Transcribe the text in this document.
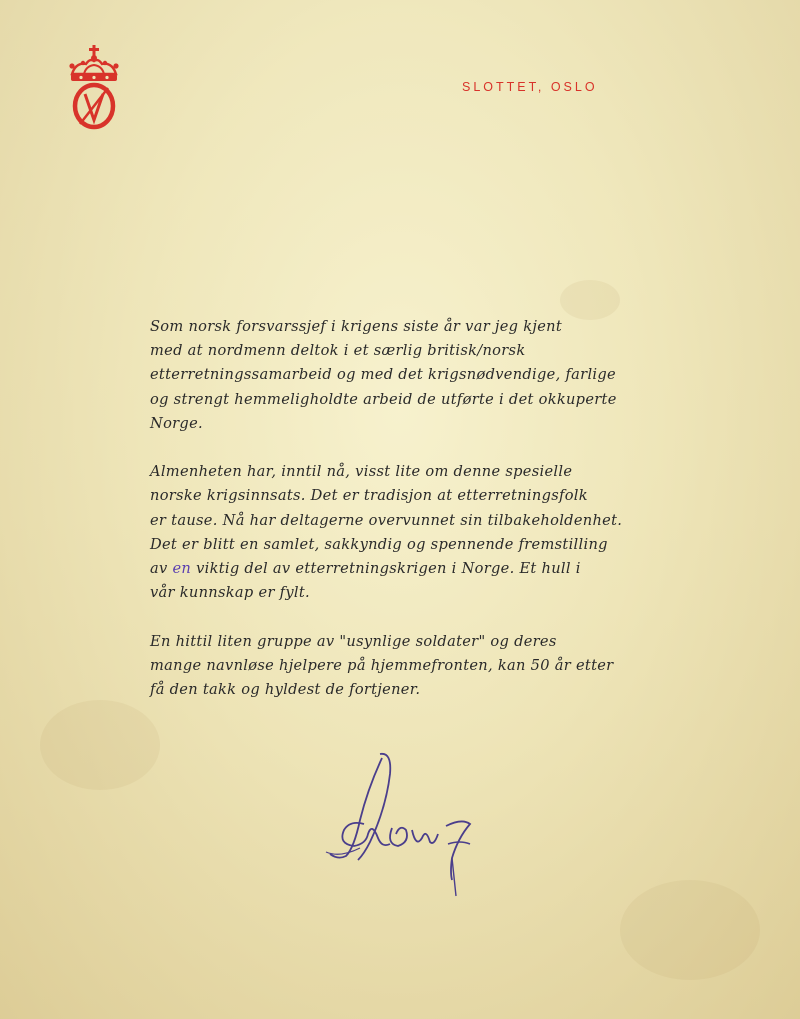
SLOTTET, OSLO
Som norsk forsvarssjef i krigens siste år var jeg kjent
med at nordmenn deltok i et særlig britisk/norsk
etterretningssamarbeid og med det krigsnødvendige, farlige
og strengt hemmeligholdte arbeid de utførte i det okkuperte
Norge.
Almenheten har, inntil nå, visst lite om denne spesielle
norske krigsinnsats. Det er tradisjon at etterretningsfolk
er tause. Nå har deltagerne overvunnet sin tilbakeholdenhet.
Det er blitt en samlet, sakkyndig og spennende fremstilling
av en viktig del av etterretningskrigen i Norge. Et hull i
vår kunnskap er fylt.
En hittil liten gruppe av "usynlige soldater" og deres
mange navnløse hjelpere på hjemmefronten, kan 50 år etter
få den takk og hyldest de fortjener.
